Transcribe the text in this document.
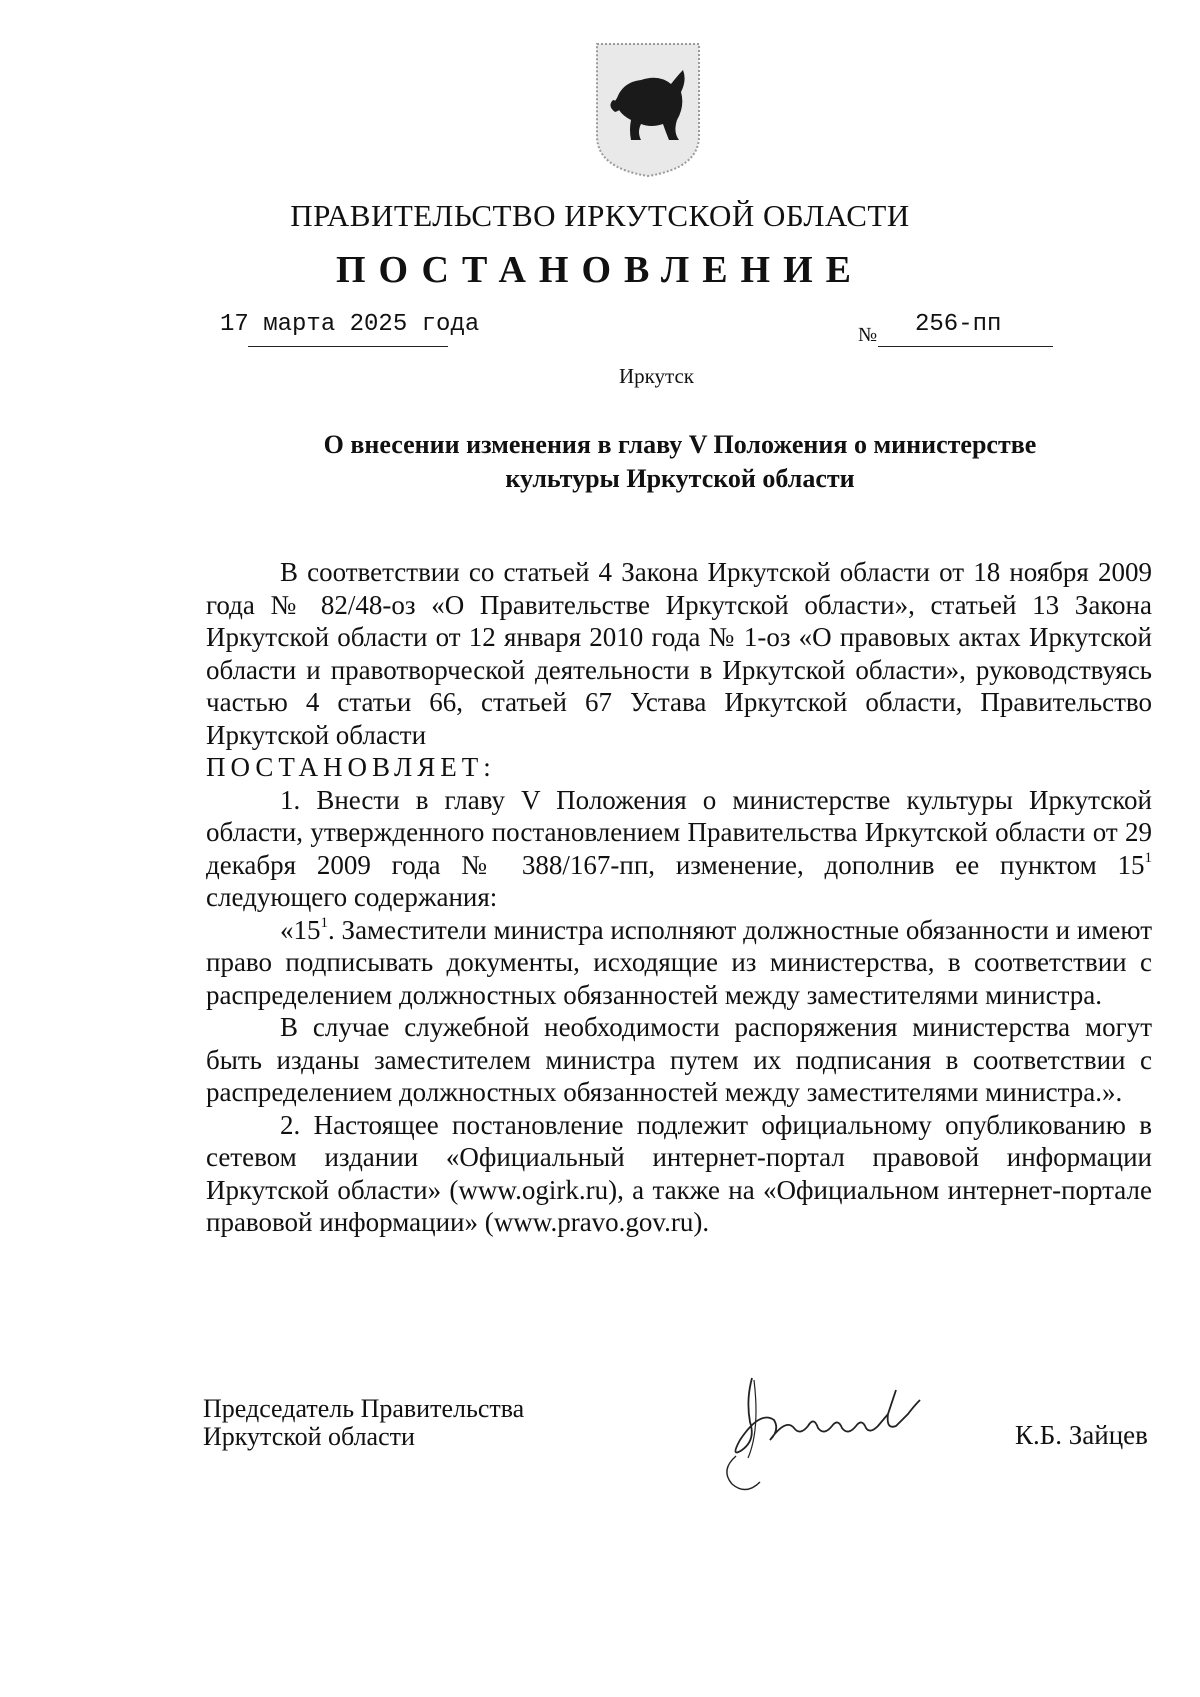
ПРАВИТЕЛЬСТВО ИРКУТСКОЙ ОБЛАСТИ
ПОСТАНОВЛЕНИЕ
17 марта 2025 года	№ 256-пп
Иркутск
О внесении изменения в главу V Положения о министерстве
культуры Иркутской области

В соответствии со статьей 4 Закона Иркутской области от 18 ноября 2009 года № 82/48-оз «О Правительстве Иркутской области», статьей 13 Закона Иркутской области от 12 января 2010 года № 1-оз «О правовых актах Иркутской области и правотворческой деятельности в Иркутской области», руководствуясь частью 4 статьи 66, статьей 67 Устава Иркутской области, Правительство Иркутской области

ПОСТАНОВЛЯЕТ:

1. Внести в главу V Положения о министерстве культуры Иркутской области, утвержденного постановлением Правительства Иркутской области от 29 декабря 2009 года № 388/167-пп, изменение, дополнив ее пунктом $15^1$ следующего содержания:

«$15^1$. Заместители министра исполняют должностные обязанности и имеют право подписывать документы, исходящие из министерства, в соответствии с распределением должностных обязанностей между заместителями министра.

В случае служебной необходимости распоряжения министерства могут быть изданы заместителем министра путем их подписания в соответствии с распределением должностных обязанностей между заместителями министра.».

2. Настоящее постановление подлежит официальному опубликованию в сетевом издании «Официальный интернет-портал правовой информации Иркутской области» (www.ogirk.ru), а также на «Официальном интернет-портале правовой информации» (www.pravo.gov.ru).

Председатель Правительства
Иркутской области	К.Б. Зайцев
